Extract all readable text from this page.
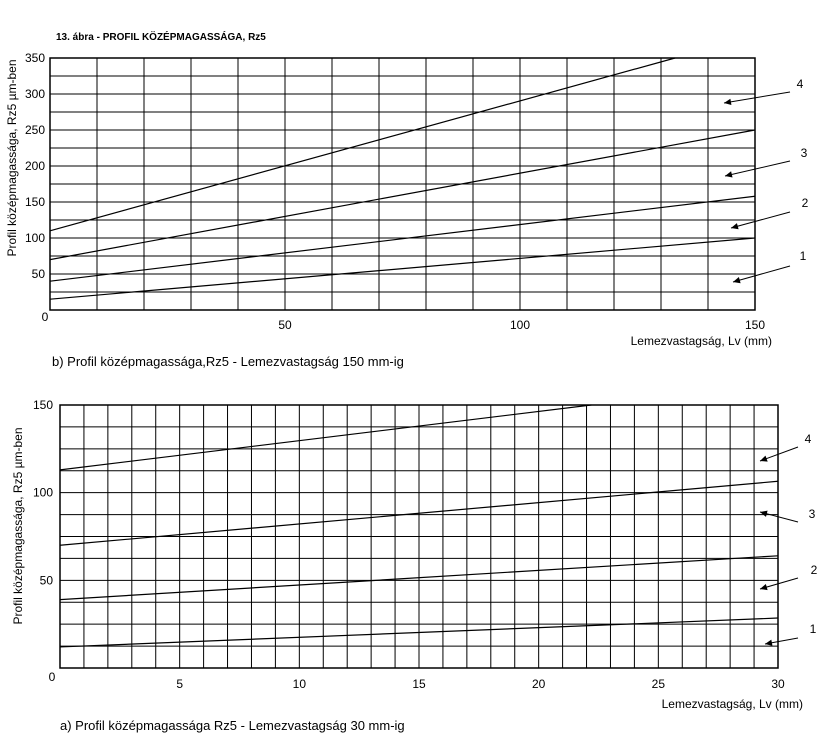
13. ábra - PROFIL KÖZÉPMAGASSÁGA, Rz5
50	100	150
50
100
150
200
250
300
350
0
Lemezvastagság, Lv (mm)
Profil középmagassága, Rz5 µm-ben
b) Profil középmagassága,Rz5 - Lemezvastagság 150 mm-ig
1
2
3
4
5	10	15	20	25	30
50
100
150
0
Lemezvastagság, Lv (mm)
Profil középmagassága, Rz5 µm-ben
a) Profil középmagassága Rz5 - Lemezvastagság 30 mm-ig
1
2
3
4
